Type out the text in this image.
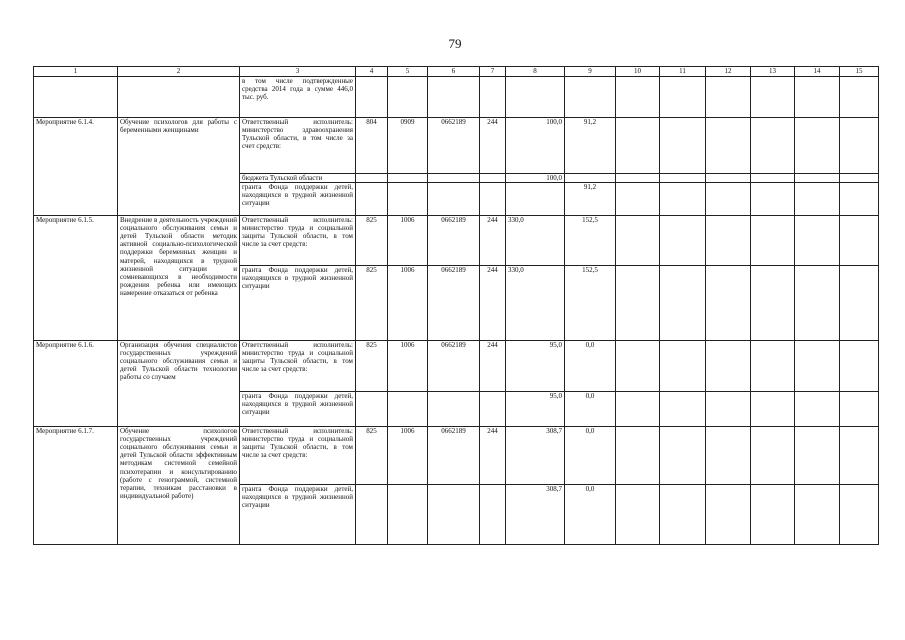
79
1	2	3	4	5	6	7	8	9	10	11	12	13	14	15
		в том числе подтвержденные средства 2014 года в сумме 446,0 тыс. руб.												
Мероприятие 6.1.4.	Обучение психологов для работы с беременными женщинами	Ответственный исполнитель: министерство здравоохранения Тульской области, в том числе за счет средств:	804	0909	0662189	244	100,0	91,2						
		бюджета Тульской области					100,0							
		гранта Фонда поддержки детей, находящихся в трудной жизненной ситуации						91,2						
Мероприятие 6.1.5.	Внедрение в деятельность учреждений социального обслуживания семьи и детей Тульской области методик активной социально-психологической поддержки беременных женщин и матерей, находящихся в трудной жизненной ситуации и сомневающихся в необходимости рождения ребенка или имеющих намерение отказаться от ребенка	Ответственный исполнитель: министерство труда и социальной защиты Тульской области, в том числе за счет средств:	825	1006	0662189	244	330,0	152,5						
		гранта Фонда поддержки детей, находящихся в трудной жизненной ситуации	825	1006	0662189	244	330,0	152,5						
Мероприятие 6.1.6.	Организация обучения специалистов государственных учреждений социального обслуживания семьи и детей Тульской области технологии работы со случаем	Ответственный исполнитель: министерство труда и социальной защиты Тульской области, в том числе за счет средств:	825	1006	0662189	244	95,0	0,0						
		гранта Фонда поддержки детей, находящихся в трудной жизненной ситуации					95,0	0,0						
Мероприятие 6.1.7.	Обучение психологов государственных учреждений социального обслуживания семьи и детей Тульской области эффективным методикам системной семейной психотерапии и консультированию (работе с генограммой, системной терапии, техникам расстановки в индивидуальной работе)	Ответственный исполнитель: министерство труда и социальной защиты Тульской области, в том числе за счет средств:	825	1006	0662189	244	308,7	0,0						
		гранта Фонда поддержки детей, находящихся в трудной жизненной ситуации					308,7	0,0						
